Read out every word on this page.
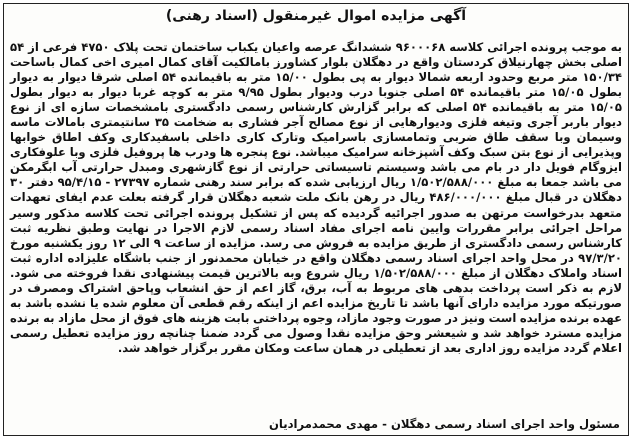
آگهی مزایده اموال غیرمنقول (اسناد رهنی)
به موجب پرونده اجرائی کلاسه ۹۶۰۰۰۶۸ ششدانگ عرصه واعیان یکباب ساختمان تحت پلاک ۴۷۵۰ فرعی از ۵۴ اصلی بخش چهارنیلاق کردستان واقع در دهگلان بلوار کشاورز بامالکیت آقای کمال امیری اخی کمال باساحت ۱۵۰/۳۴ متر مربع وحدود اربعه شمالا دیوار به پی بطول ۱۵/۰۰ متر به باقیمانده ۵۴ اصلی شرقا دیوار به دیوار بطول ۱۵/۰۵ متر باقیمانده ۵۴ اصلی جنوبا درب ودیوار بطول ۹/۹۵ متر به کوچه غربا دیوار به دیوار بطول ۱۵/۰۵ متر به باقیمانده ۵۴ اصلی که برابر گزارش کارشناس رسمی دادگستری بامشخصات سازه ای از نوع دیوار باربر آجری وتیغه فلزی ودیوارهایی از نوع مصالح آجر فشاری به ضخامت ۳۵ سانتیمتری بامالات ماسه وسیمان وبا سقف طاق ضربی وتمامسازی باسرامیک وتارک کاری داخلی باسفیدکاری وکف اطاق خوابها وپذیرایی از نوع بتن سبک وکف آشپزخانه سرامیک میباشد. نوع پنجره ها ودرب ها پروفیل فلزی وبا علوفکاری ایزوگام فویل دار در بام می باشد وسیستم تاسیساتی حرارتی از نوع گازشهری ومبدل حرارتی آب ابگرمکن می باشد جمعا به مبلغ ۱/۵۰۲/۵۸۸/۰۰۰ ریال ارزیابی شده که برابر سند رهنی شماره ۲۷۳۹۷ - ۹۵/۴/۱۵ دفتر ۳۰ دهگلان در قبال مبلغ ۴۸۶/۰۰۰/۰۰۰ ریال در رهن بانک ملت شعبه دهگلان قرار گرفته بعلت عدم ایفای تعهدات متعهد بدرخواست مرتهن به صدور اجرائیه گردیده که پس از تشکیل پرونده اجرائی تحت کلاسه مذکور وسیر مراحل اجرائی برابر مقررات وایین نامه اجرای مفاد اسناد رسمی لازم الاجرا در نهایت وطبق نظریه ثبت کارشناس رسمی دادگستری از طریق مزایده به فروش می رسد. مزایده از ساعت ۹ الی ۱۲ روز یکشنبه مورخ ۹۷/۳/۲۰ در محل واحد اجرای اسناد رسمی دهگلان واقع در خیابان محمدنور از جنب باشگاه علیزاده اداره ثبت اسناد واملاک دهگلان از مبلغ ۱/۵۰۲/۵۸۸/۰۰۰ ریال شروع وبه بالاترین قیمت پیشنهادی نقدا فروخته می شود. لازم به ذکر است پرداخت بدهی های مربوط به آب، برق، گاز اعم از حق انشعاب وپاحق اشتراک ومصرف در صورتیکه مورد مزایده دارای آنها باشد تا تاریخ مزایده اعم از اینکه رقم قطعی آن معلوم شده یا نشده باشد به عهده برنده مزایده است ونیز در صورت وجود مازاد، وجوه پرداختی بابت هزینه های فوق از محل مازاد به برنده مزایده مسترد خواهد شد و شیعشر وحق مزایده نقدا وصول می گردد ضمنا چنانچه روز مزایده تعطیل رسمی اعلام گردد مزایده روز اداری بعد از تعطیلی در همان ساعت ومکان مقرر برگزار خواهد شد.
مسئول واحد اجرای اسناد رسمی دهگلان - مهدی محمدمرادیان
